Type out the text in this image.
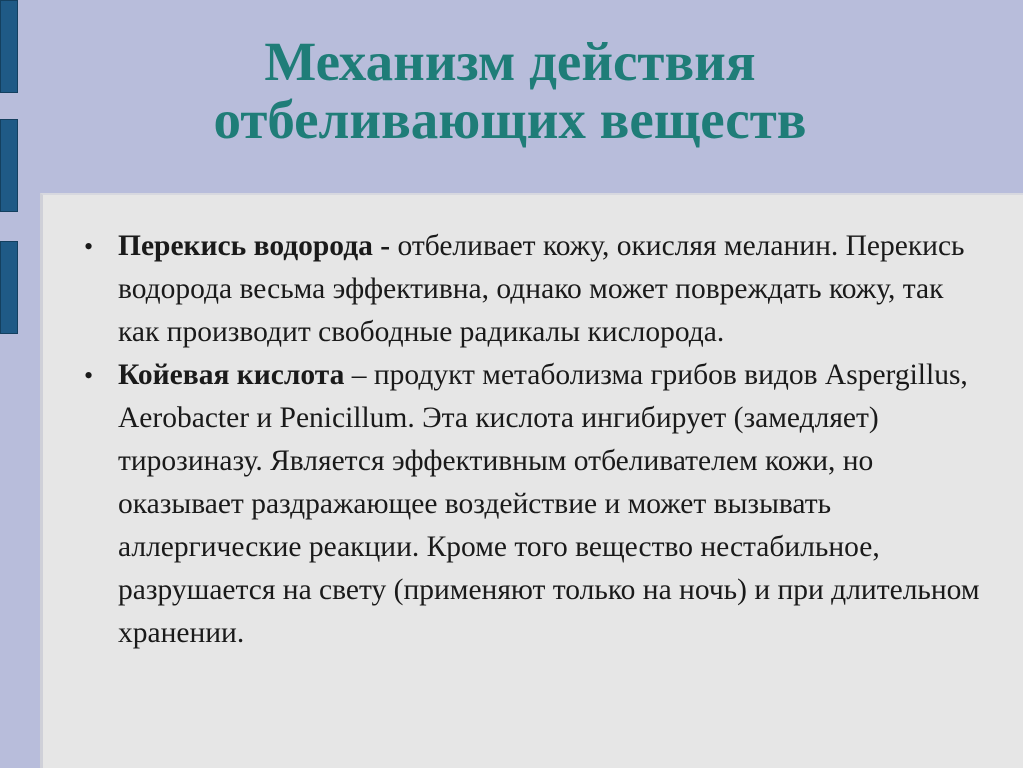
Механизм действия
отбеливающих веществ
• Перекись водорода - отбеливает кожу, окисляя меланин. Перекись водорода весьма эффективна, однако может повреждать кожу, так как производит свободные радикалы кислорода.
• Койевая кислота – продукт метаболизма грибов видов Aspergillus, Aerobacter и Penicillum. Эта кислота ингибирует (замедляет) тирозиназу. Является эффективным отбеливателем кожи, но оказывает раздражающее воздействие и может вызывать аллергические реакции. Кроме того вещество нестабильное, разрушается на свету (применяют только на ночь) и при длительном хранении.
